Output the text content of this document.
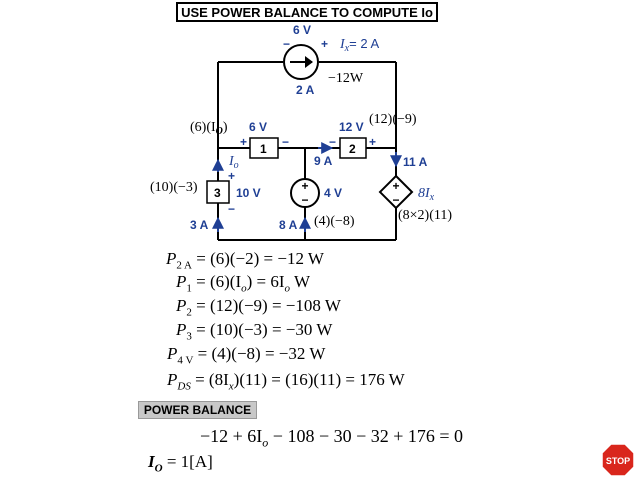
USE POWER BALANCE TO COMPUTE Io
+
−
+
−
6 V
−	+
2 A
6 V	12 V
+	−	−	+
9 A	11 A
+
10 V
−
4 V
3 A	8 A
1	2
3
$I_x= 2$ A
$I_o$
$8I_x$
−12W
$(6)(I_O)$
(12)(−9)
(10)(−3)
(8×2)(11)
(4)(−8)
$P_{2 A} = (6)(-2) = -12$ W
$P_1 = (6)(I_o) = 6I_o$ W
$P_2 = (12)(-9) = -108$ W
$P_3 = (10)(-3) = -30$ W
$P_{4 V} = (4)(-8) = -32$ W
$P_{DS} = (8I_x)(11) = (16)(11) = 176$ W
POWER BALANCE
$-12 + 6I_o - 108 - 30 - 32 + 176 = 0$
$I_O = 1[A]$	STOP
